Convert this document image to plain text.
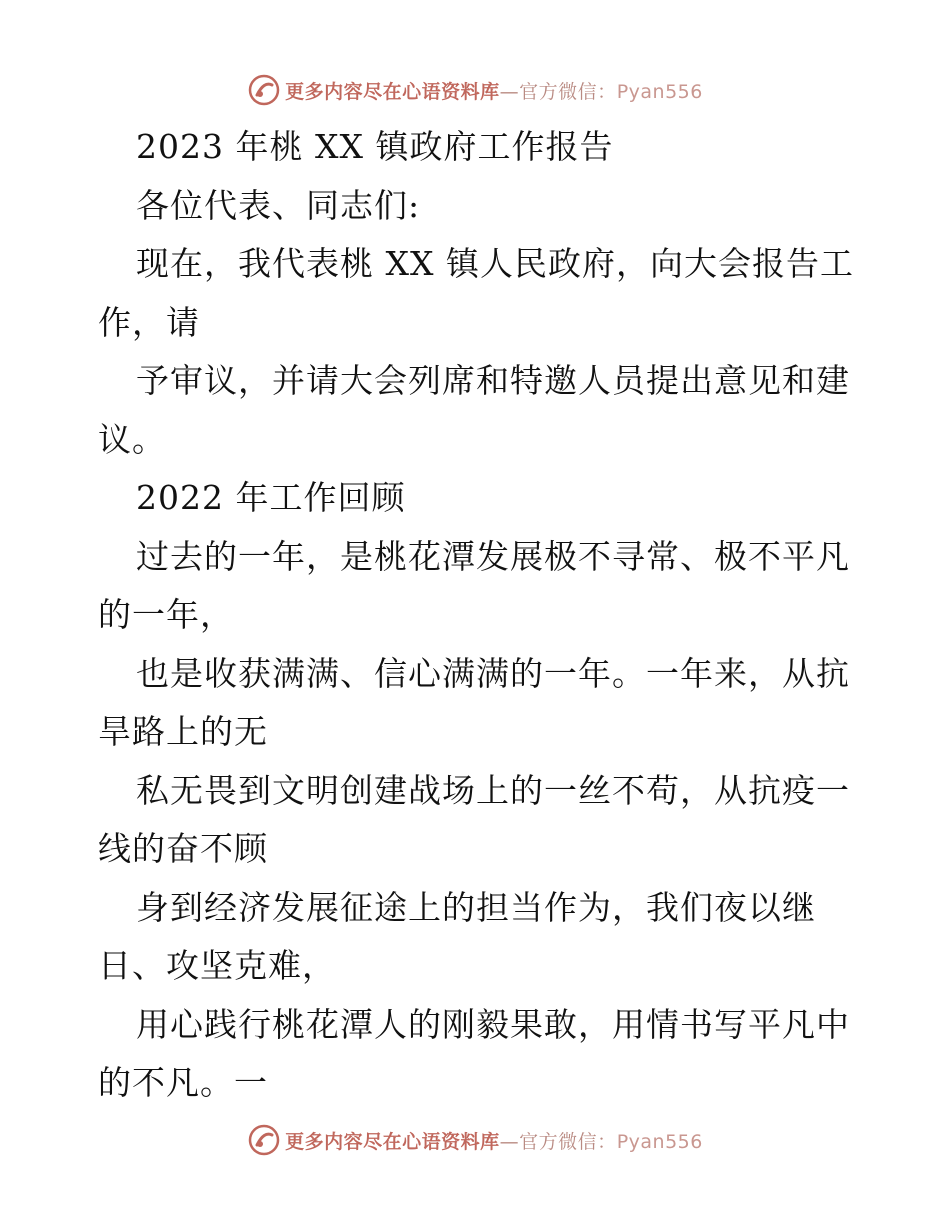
更多内容尽在心语资料库—官方微信：Pyan556
2023 年桃 XX 镇政府工作报告
各位代表、同志们:
现在，我代表桃 XX 镇人民政府，向大会报告工
作，请
予审议，并请大会列席和特邀人员提出意见和建
议。
2022 年工作回顾
过去的一年，是桃花潭发展极不寻常、极不平凡
的一年，
也是收获满满、信心满满的一年。一年来，从抗
旱路上的无
私无畏到文明创建战场上的一丝不苟，从抗疫一
线的奋不顾
身到经济发展征途上的担当作为，我们夜以继
日、攻坚克难，
用心践行桃花潭人的刚毅果敢，用情书写平凡中
的不凡。一
更多内容尽在心语资料库—官方微信：Pyan556
